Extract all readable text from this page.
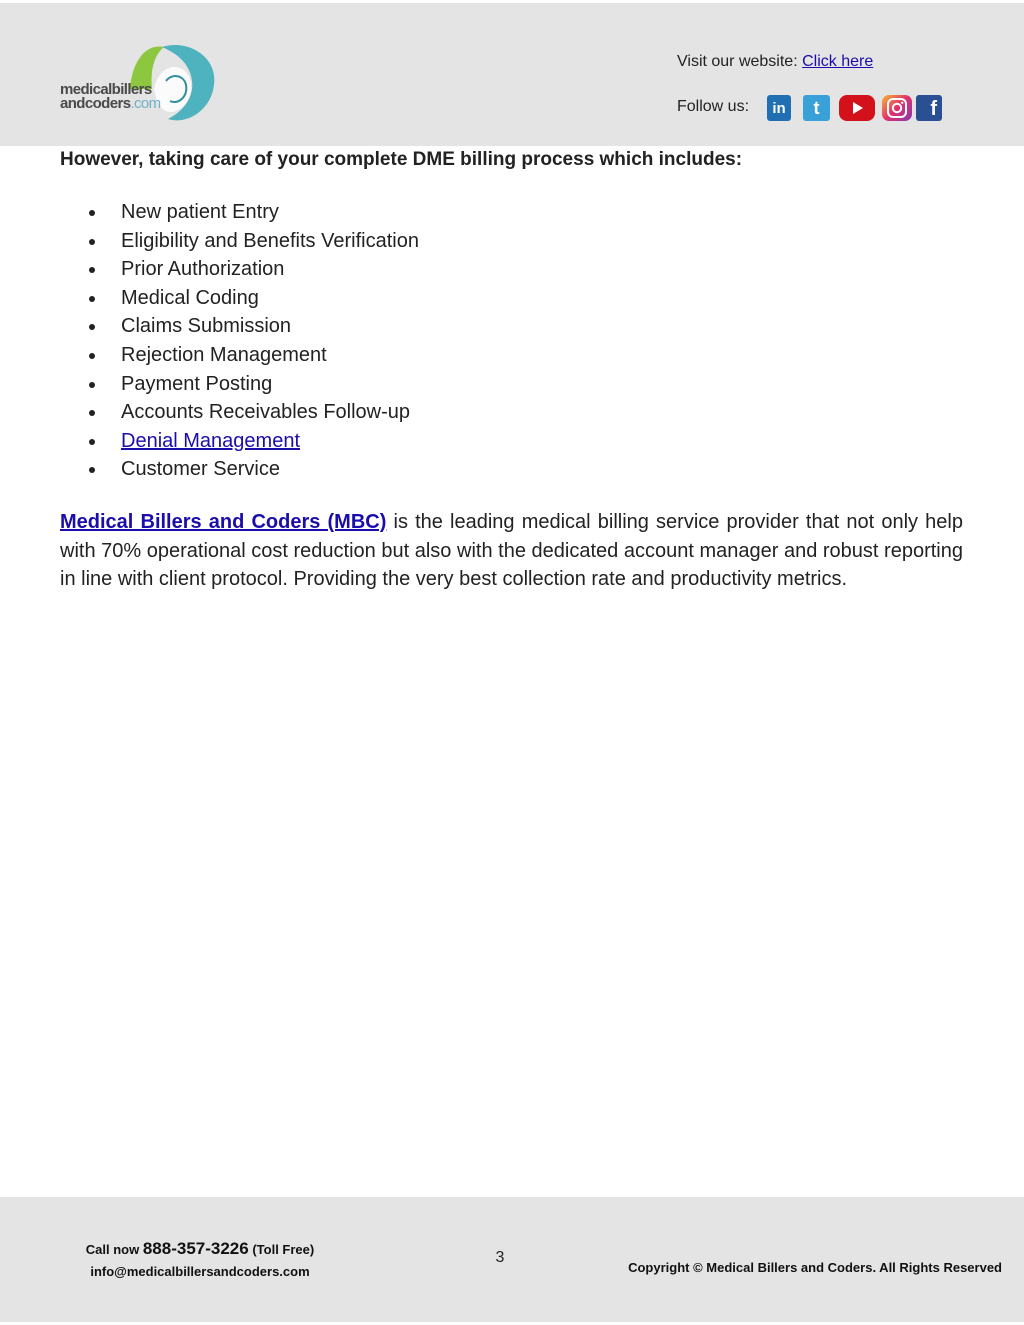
medicalbillers
andcoders.com
Visit our website: Click here
Follow us:	in	t	f
However, taking care of your complete DME billing process which includes:
New patient Entry
Eligibility and Benefits Verification
Prior Authorization
Medical Coding
Claims Submission
Rejection Management
Payment Posting
Accounts Receivables Follow-up
Denial Management
Customer Service

Medical Billers and Coders (MBC) is the leading medical billing service provider that not only help with 70% operational cost reduction but also with the dedicated account manager and robust reporting in line with client protocol. Providing the very best collection rate and productivity metrics.

Call now 888-357-3226 (Toll Free)
info@medicalbillersandcoders.com
3
Copyright © Medical Billers and Coders. All Rights Reserved
